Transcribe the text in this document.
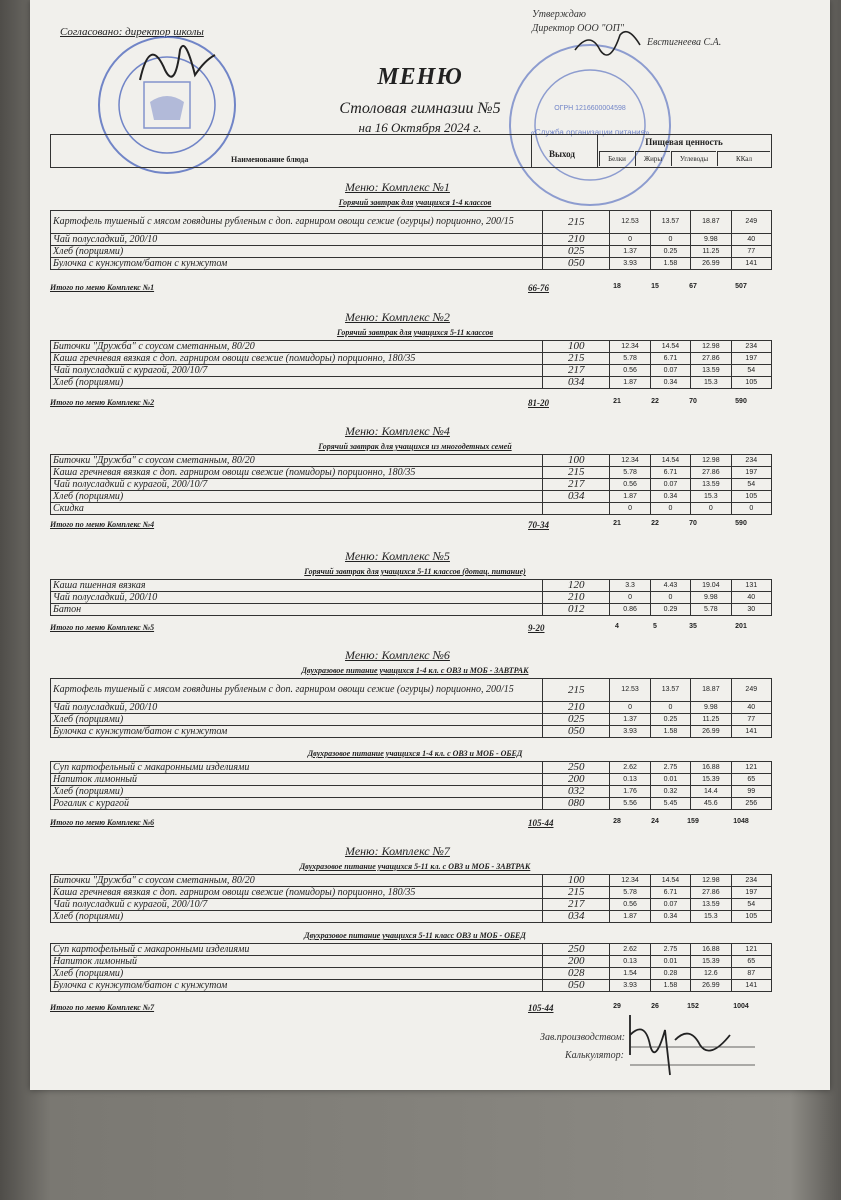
Согласовано: директор школы
Утверждаю
Директор ООО "ОП"
Евстигнеева С.А.
ОГРН 1216600004598
«Служба организации питания»
МЕНЮ
Столовая гимназии №5
на 16 Октября 2024 г.
Наименование блюда
Выход
Пищевая ценность
Белки	Жиры	Углеводы	ККал
Меню: Комплекс №1
Горячий завтрак для учащихся 1-4 классов
Картофель тушеный с мясом говядины рубленым с доп. гарниром овощи сежие (огурцы) порционно, 200/15	215	12.53	13.57	18.87	249
Чай полусладкий, 200/10	210	0	0	9.98	40
Хлеб (порциями)	025	1.37	0.25	11.25	77
Булочка с кунжутом/батон с кунжутом	050	3.93	1.58	26.99	141
Итого по меню Комплекс №1	66-76	18	15	67	507
Меню: Комплекс №2
Горячий завтрак для учащихся 5-11 классов
Биточки "Дружба" с соусом сметанным, 80/20	100	12.34	14.54	12.98	234
Каша гречневая вязкая с доп. гарниром овощи свежие (помидоры) порционно, 180/35	215	5.78	6.71	27.86	197
Чай полусладкий с курагой, 200/10/7	217	0.56	0.07	13.59	54
Хлеб (порциями)	034	1.87	0.34	15.3	105
Итого по меню Комплекс №2	81-20	21	22	70	590
Меню: Комплекс №4
Горячий завтрак для учащихся из многодетных семей
Биточки "Дружба" с соусом сметанным, 80/20	100	12.34	14.54	12.98	234
Каша гречневая вязкая с доп. гарниром овощи свежие (помидоры) порционно, 180/35	215	5.78	6.71	27.86	197
Чай полусладкий с курагой, 200/10/7	217	0.56	0.07	13.59	54
Хлеб (порциями)	034	1.87	0.34	15.3	105
Скидка		0	0	0	0
Итого по меню Комплекс №4	70-34	21	22	70	590
Меню: Комплекс №5
Горячий завтрак для учащихся 5-11 классов (дотац. питание)
Каша пшенная вязкая	120	3.3	4.43	19.04	131
Чай полусладкий, 200/10	210	0	0	9.98	40
Батон	012	0.86	0.29	5.78	30
Итого по меню Комплекс №5	9-20	4	5	35	201
Меню: Комплекс №6
Двухразовое питание учащихся 1-4 кл. с ОВЗ и МОБ - ЗАВТРАК
Картофель тушеный с мясом говядины рубленым с доп. гарниром овощи сежие (огурцы) порционно, 200/15	215	12.53	13.57	18.87	249
Чай полусладкий, 200/10	210	0	0	9.98	40
Хлеб (порциями)	025	1.37	0.25	11.25	77
Булочка с кунжутом/батон с кунжутом	050	3.93	1.58	26.99	141
Двухразовое питание учащихся 1-4 кл. с ОВЗ и МОБ - ОБЕД
Суп картофельный с макаронными изделиями	250	2.62	2.75	16.88	121
Напиток лимонный	200	0.13	0.01	15.39	65
Хлеб (порциями)	032	1.76	0.32	14.4	99
Рогалик с курагой	080	5.56	5.45	45.6	256
Итого по меню Комплекс №6	105-44	28	24	159	1048
Меню: Комплекс №7
Двухразовое питание учащихся 5-11 кл. с ОВЗ и МОБ - ЗАВТРАК
Биточки "Дружба" с соусом сметанным, 80/20	100	12.34	14.54	12.98	234
Каша гречневая вязкая с доп. гарниром овощи свежие (помидоры) порционно, 180/35	215	5.78	6.71	27.86	197
Чай полусладкий с курагой, 200/10/7	217	0.56	0.07	13.59	54
Хлеб (порциями)	034	1.87	0.34	15.3	105
Двухразовое питание учащихся 5-11 класс ОВЗ и МОБ - ОБЕД
Суп картофельный с макаронными изделиями	250	2.62	2.75	16.88	121
Напиток лимонный	200	0.13	0.01	15.39	65
Хлеб (порциями)	028	1.54	0.28	12.6	87
Булочка с кунжутом/батон с кунжутом	050	3.93	1.58	26.99	141
Итого по меню Комплекс №7	105-44	29	26	152	1004
Зав.производством:
Калькулятор:
